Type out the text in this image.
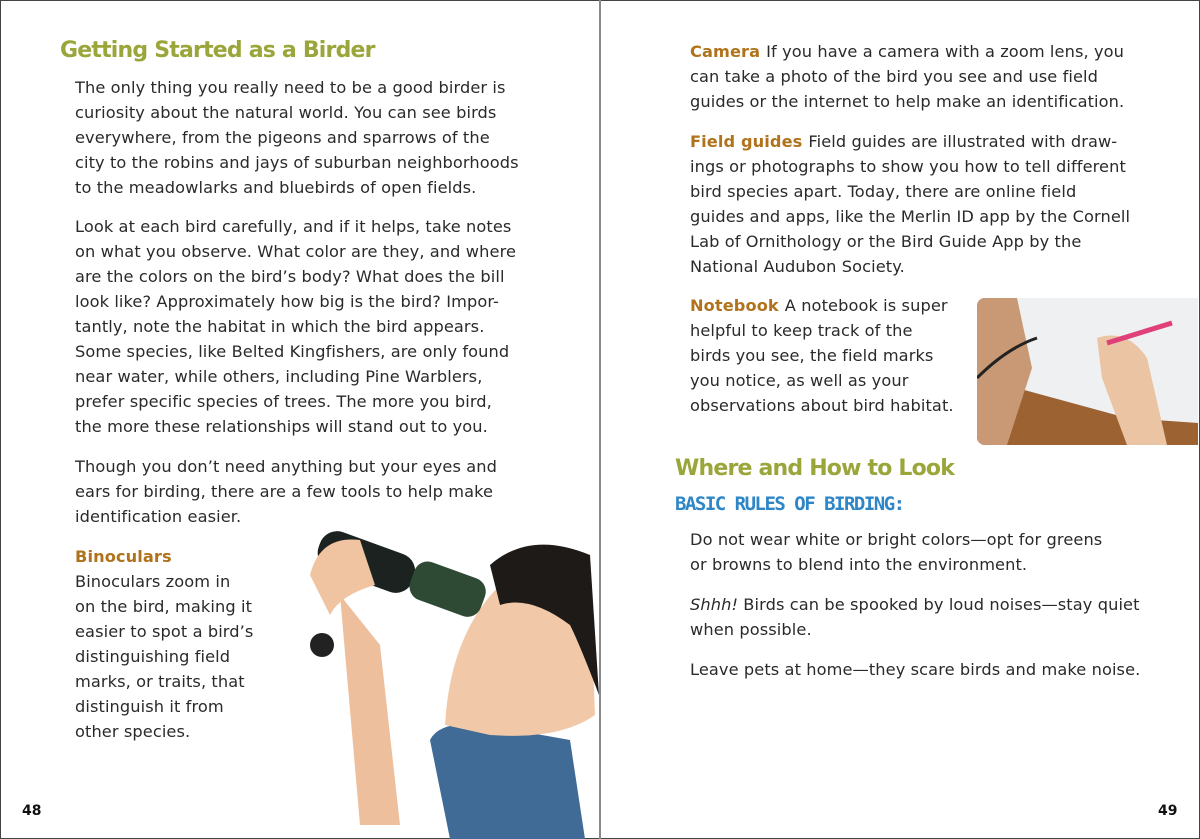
Getting Started as a Birder
The only thing you really need to be a good birder is
curiosity about the natural world. You can see birds
everywhere, from the pigeons and sparrows of the
city to the robins and jays of suburban neighborhoods
to the meadowlarks and bluebirds of open fields.
Look at each bird carefully, and if it helps, take notes
on what you observe. What color are they, and where
are the colors on the bird’s body? What does the bill
look like? Approximately how big is the bird? Impor-
tantly, note the habitat in which the bird appears.
Some species, like Belted Kingfishers, are only found
near water, while others, including Pine Warblers,
prefer specific species of trees. The more you bird,
the more these relationships will stand out to you.
Though you don’t need anything but your eyes and
ears for birding, there are a few tools to help make
identification easier.
Binoculars
Binoculars zoom in
on the bird, making it
easier to spot a bird’s
distinguishing field
marks, or traits, that
distinguish it from
other species.
48
Camera If you have a camera with a zoom lens, you
can take a photo of the bird you see and use field
guides or the internet to help make an identification.
Field guides Field guides are illustrated with draw-
ings or photographs to show you how to tell different
bird species apart. Today, there are online field
guides and apps, like the Merlin ID app by the Cornell
Lab of Ornithology or the Bird Guide App by the
National Audubon Society.
Notebook A notebook is super
helpful to keep track of the
birds you see, the field marks
you notice, as well as your
observations about bird habitat.
Where and How to Look
BASIC RULES OF BIRDING:
Do not wear white or bright colors—opt for greens
or browns to blend into the environment.
Shhh! Birds can be spooked by loud noises—stay quiet
when possible.
Leave pets at home—they scare birds and make noise.
49
